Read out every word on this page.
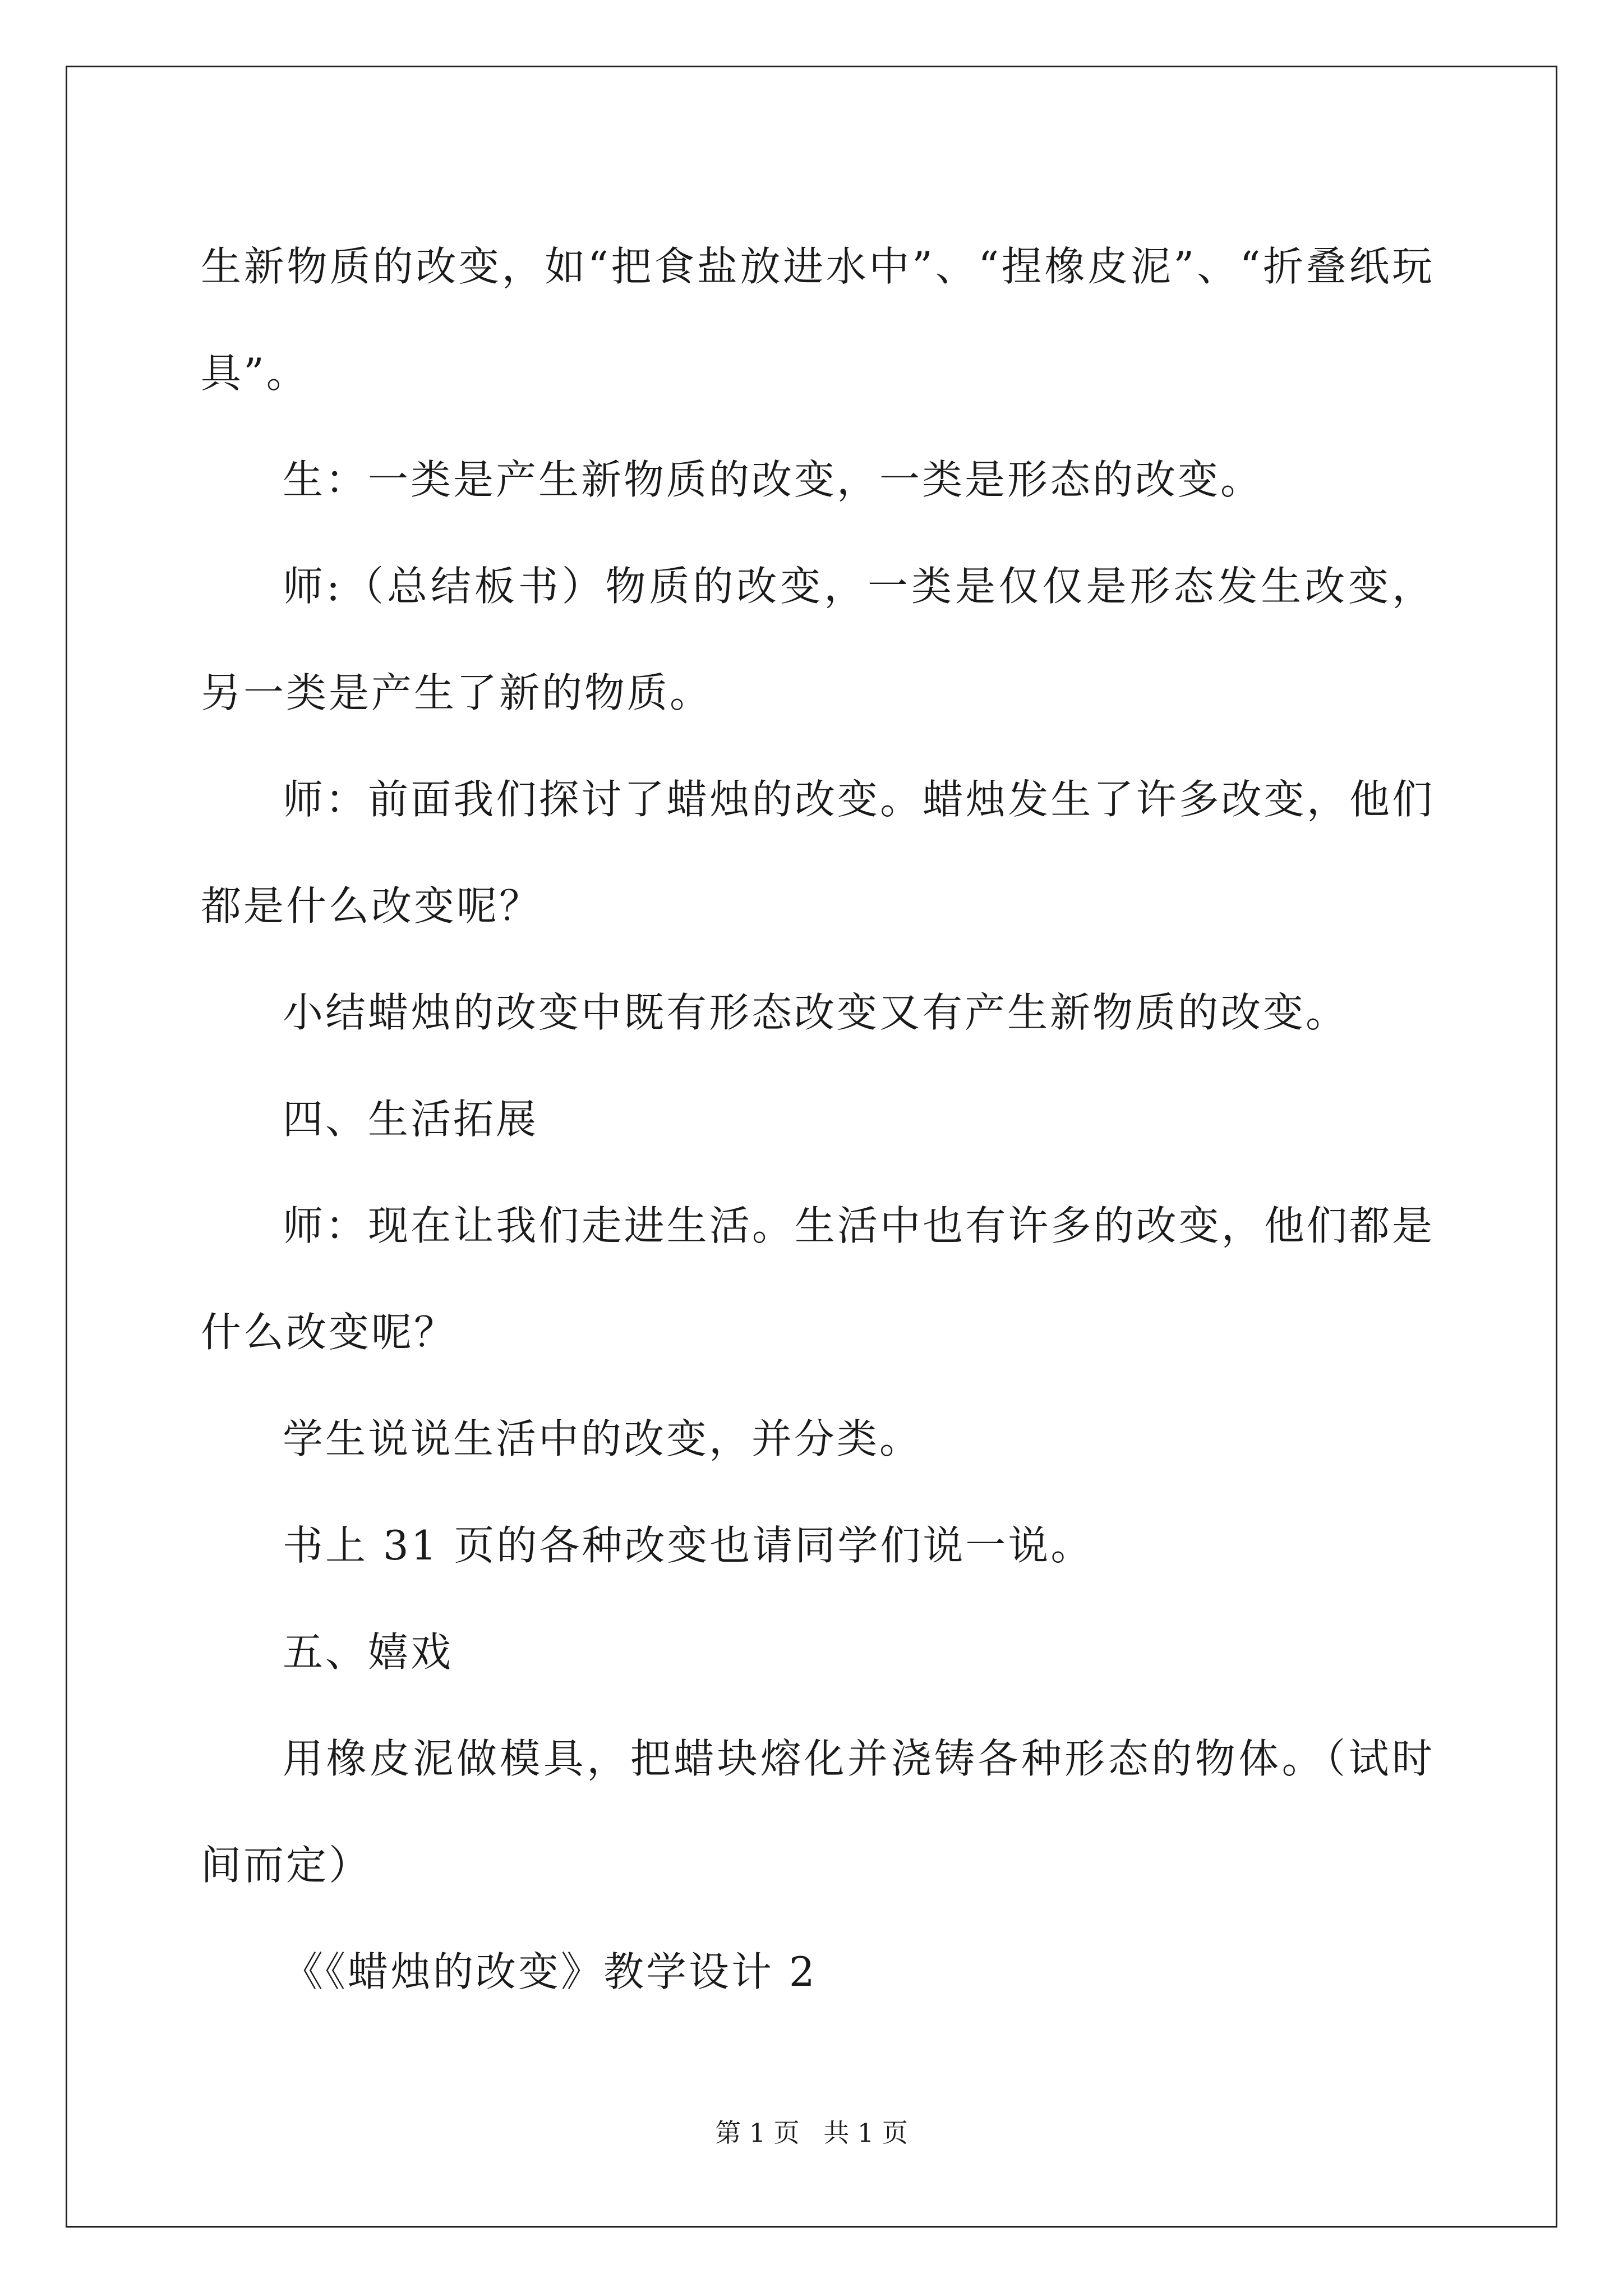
生新物质的改变，如“把食盐放进水中”、“捏橡皮泥”、“折叠纸玩具”。

生：一类是产生新物质的改变，一类是形态的改变。

师:（总结板书）物质的改变，一类是仅仅是形态发生改变，另一类是产生了新的物质。

师：前面我们探讨了蜡烛的改变。蜡烛发生了许多改变，他们都是什么改变呢？

小结蜡烛的改变中既有形态改变又有产生新物质的改变。

四、生活拓展

师：现在让我们走进生活。生活中也有许多的改变，他们都是什么改变呢？

学生说说生活中的改变，并分类。

书上 31 页的各种改变也请同学们说一说。

五、嬉戏

用橡皮泥做模具，把蜡块熔化并浇铸各种形态的物体。（试时间而定）

《《蜡烛的改变》教学设计 2

第 1 页 共 1 页
